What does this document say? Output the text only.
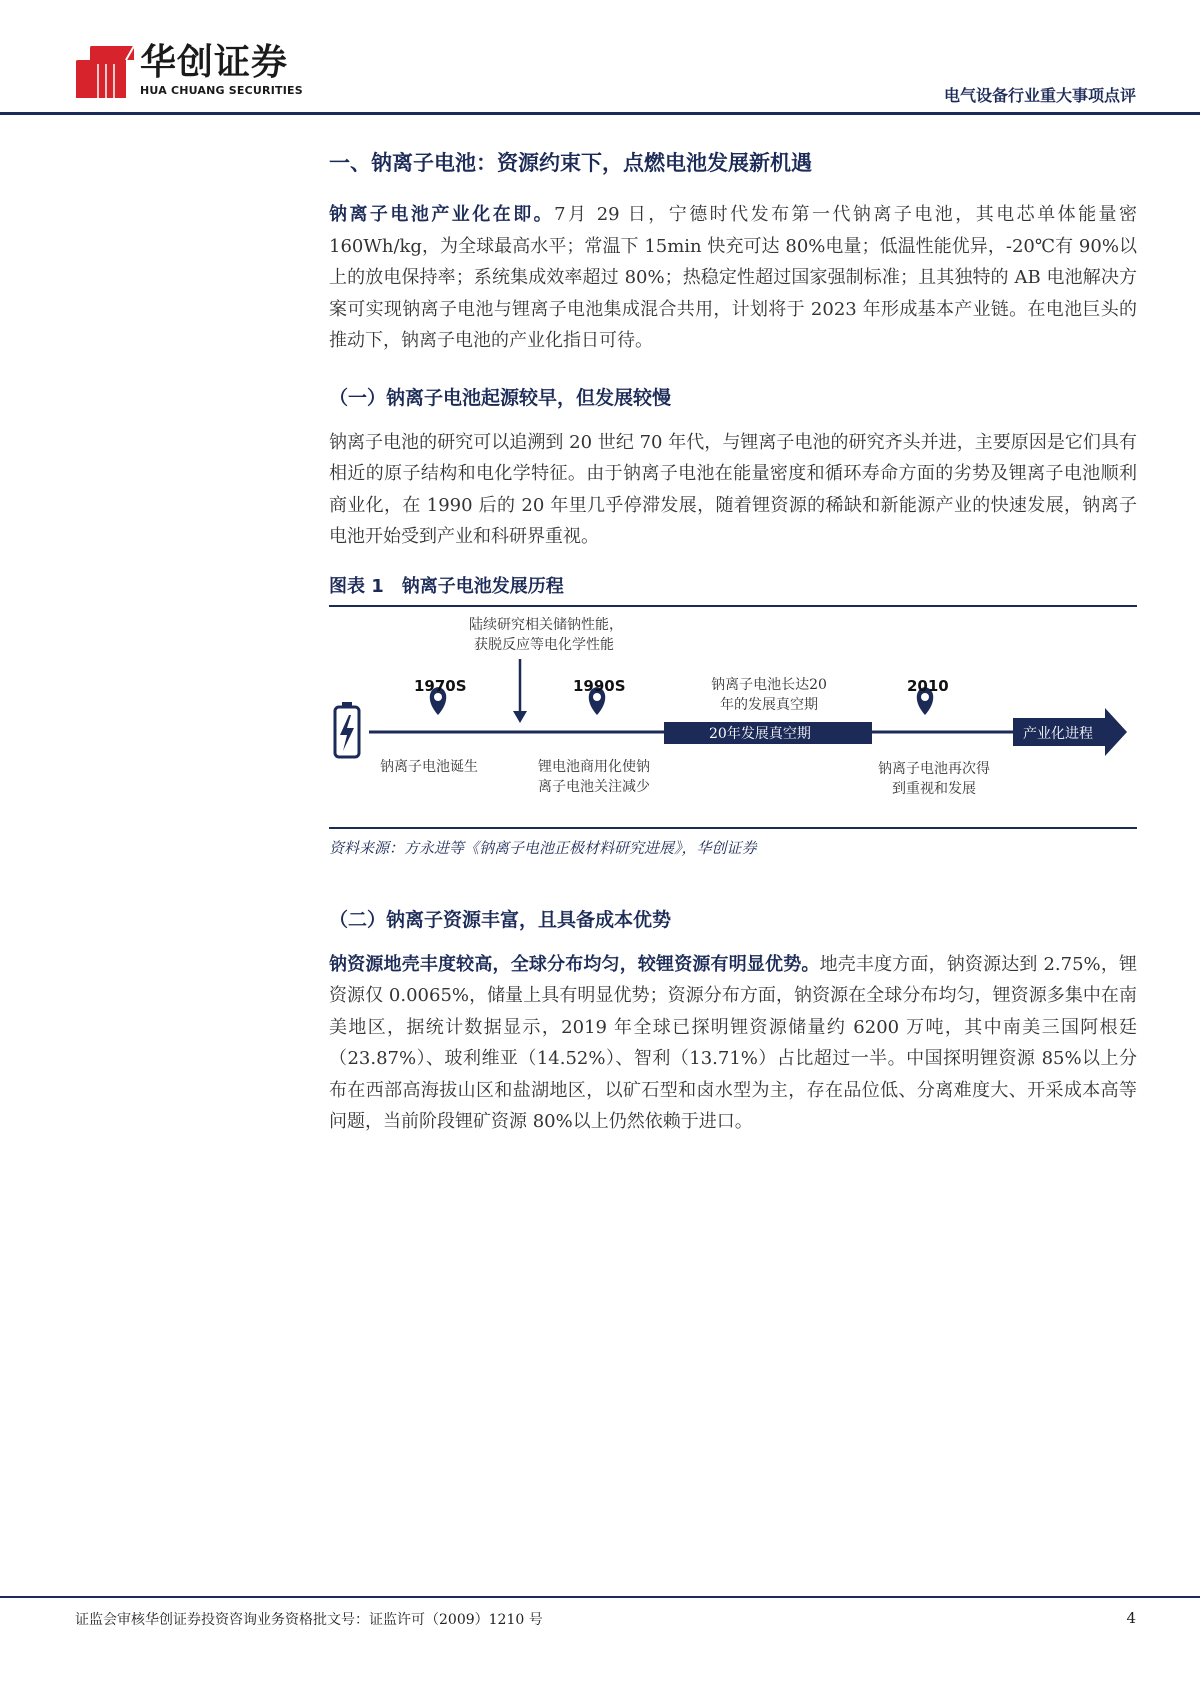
华创证券
HUA CHUANG SECURITIES	电气设备行业重大事项点评
一、钠离子电池：资源约束下，点燃电池发展新机遇

钠离子电池产业化在即。7月 29 日，宁德时代发布第一代钠离子电池，其电芯单体能量密 160Wh/kg，为全球最高水平；常温下 15min 快充可达 80%电量；低温性能优异，-20℃有 90%以上的放电保持率；系统集成效率超过 80%；热稳定性超过国家强制标准；且其独特的 AB 电池解决方案可实现钠离子电池与锂离子电池集成混合共用，计划将于 2023 年形成基本产业链。在电池巨头的推动下，钠离子电池的产业化指日可待。

（一）钠离子电池起源较早，但发展较慢

钠离子电池的研究可以追溯到 20 世纪 70 年代，与锂离子电池的研究齐头并进，主要原因是它们具有相近的原子结构和电化学特征。由于钠离子电池在能量密度和循环寿命方面的劣势及锂离子电池顺利商业化，在 1990 后的 20 年里几乎停滞发展，随着锂资源的稀缺和新能源产业的快速发展，钠离子电池开始受到产业和科研界重视。

图表 1 钠离子电池发展历程
陆续研究相关储钠性能，
获脱反应等电化学性能
1970S	1990S	2010
钠离子电池长达20
年的发展真空期
20年发展真空期	产业化进程
钠离子电池诞生	锂电池商用化使钠
离子电池关注减少
钠离子电池再次得
到重视和发展

资料来源：方永进等《钠离子电池正极材料研究进展》，华创证券

（二）钠离子资源丰富，且具备成本优势

钠资源地壳丰度较高，全球分布均匀，较锂资源有明显优势。地壳丰度方面，钠资源达到 2.75%，锂资源仅 0.0065%，储量上具有明显优势；资源分布方面，钠资源在全球分布均匀，锂资源多集中在南美地区，据统计数据显示，2019 年全球已探明锂资源储量约 6200 万吨，其中南美三国阿根廷（23.87%）、玻利维亚（14.52%）、智利（13.71%）占比超过一半。中国探明锂资源 85%以上分布在西部高海拔山区和盐湖地区，以矿石型和卤水型为主，存在品位低、分离难度大、开采成本高等问题，当前阶段锂矿资源 80%以上仍然依赖于进口。

证监会审核华创证券投资咨询业务资格批文号：证监许可（2009）1210 号	4
